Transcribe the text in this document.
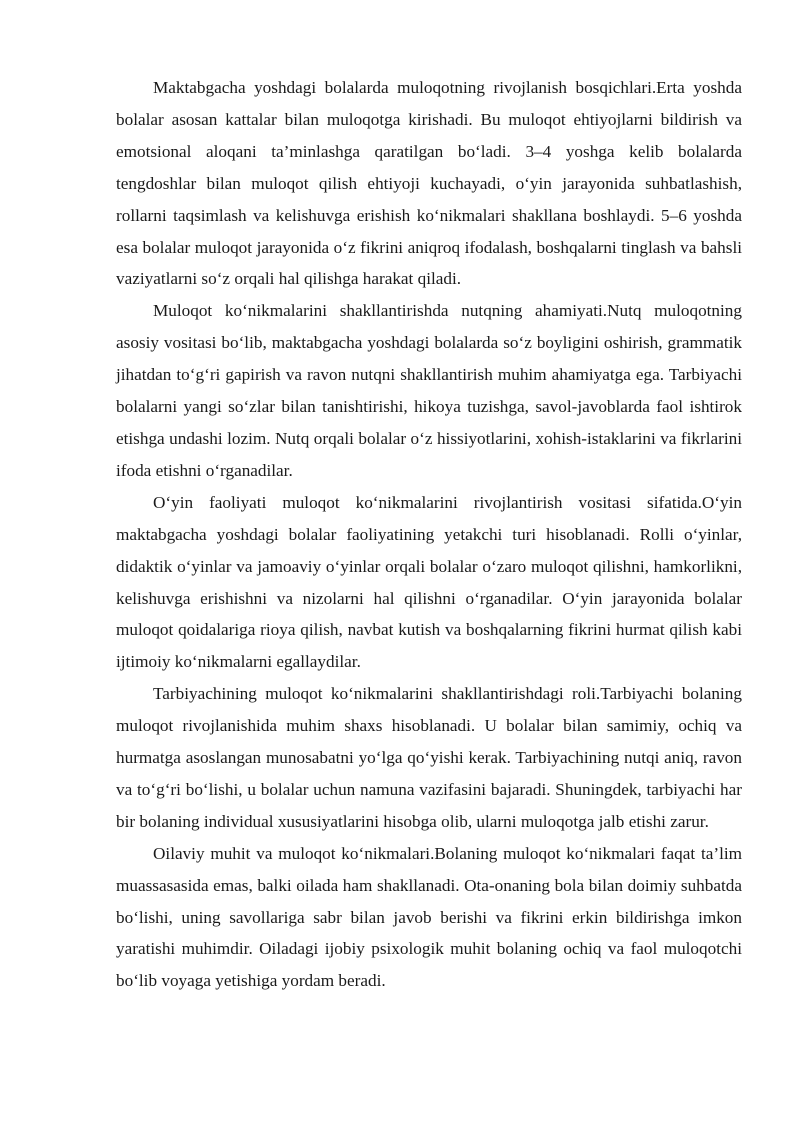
Maktabgacha yoshdagi bolalarda muloqotning rivojlanish bosqichlari.Erta yoshda bolalar asosan kattalar bilan muloqotga kirishadi. Bu muloqot ehtiyojlarni bildirish va emotsional aloqani ta’minlashga qaratilgan bo‘ladi. 3–4 yoshga kelib bolalarda tengdoshlar bilan muloqot qilish ehtiyoji kuchayadi, o‘yin jarayonida suhbatlashish, rollarni taqsimlash va kelishuvga erishish ko‘nikmalari shakllana boshlaydi. 5–6 yoshda esa bolalar muloqot jarayonida o‘z fikrini aniqroq ifodalash, boshqalarni tinglash va bahsli vaziyatlarni so‘z orqali hal qilishga harakat qiladi.

Muloqot ko‘nikmalarini shakllantirishda nutqning ahamiyati.Nutq muloqotning asosiy vositasi bo‘lib, maktabgacha yoshdagi bolalarda so‘z boyligini oshirish, grammatik jihatdan to‘g‘ri gapirish va ravon nutqni shakllantirish muhim ahamiyatga ega. Tarbiyachi bolalarni yangi so‘zlar bilan tanishtirishi, hikoya tuzishga, savol-javoblarda faol ishtirok etishga undashi lozim. Nutq orqali bolalar o‘z hissiyotlarini, xohish-istaklarini va fikrlarini ifoda etishni o‘rganadilar.

O‘yin faoliyati muloqot ko‘nikmalarini rivojlantirish vositasi sifatida.O‘yin maktabgacha yoshdagi bolalar faoliyatining yetakchi turi hisoblanadi. Rolli o‘yinlar, didaktik o‘yinlar va jamoaviy o‘yinlar orqali bolalar o‘zaro muloqot qilishni, hamkorlikni, kelishuvga erishishni va nizolarni hal qilishni o‘rganadilar. O‘yin jarayonida bolalar muloqot qoidalariga rioya qilish, navbat kutish va boshqalarning fikrini hurmat qilish kabi ijtimoiy ko‘nikmalarni egallaydilar.

Tarbiyachining muloqot ko‘nikmalarini shakllantirishdagi roli.Tarbiyachi bolaning muloqot rivojlanishida muhim shaxs hisoblanadi. U bolalar bilan samimiy, ochiq va hurmatga asoslangan munosabatni yo‘lga qo‘yishi kerak. Tarbiyachining nutqi aniq, ravon va to‘g‘ri bo‘lishi, u bolalar uchun namuna vazifasini bajaradi. Shuningdek, tarbiyachi har bir bolaning individual xususiyatlarini hisobga olib, ularni muloqotga jalb etishi zarur.

Oilaviy muhit va muloqot ko‘nikmalari.Bolaning muloqot ko‘nikmalari faqat ta’lim muassasasida emas, balki oilada ham shakllanadi. Ota-onaning bola bilan doimiy suhbatda bo‘lishi, uning savollariga sabr bilan javob berishi va fikrini erkin bildirishga imkon yaratishi muhimdir. Oiladagi ijobiy psixologik muhit bolaning ochiq va faol muloqotchi bo‘lib voyaga yetishiga yordam beradi.
